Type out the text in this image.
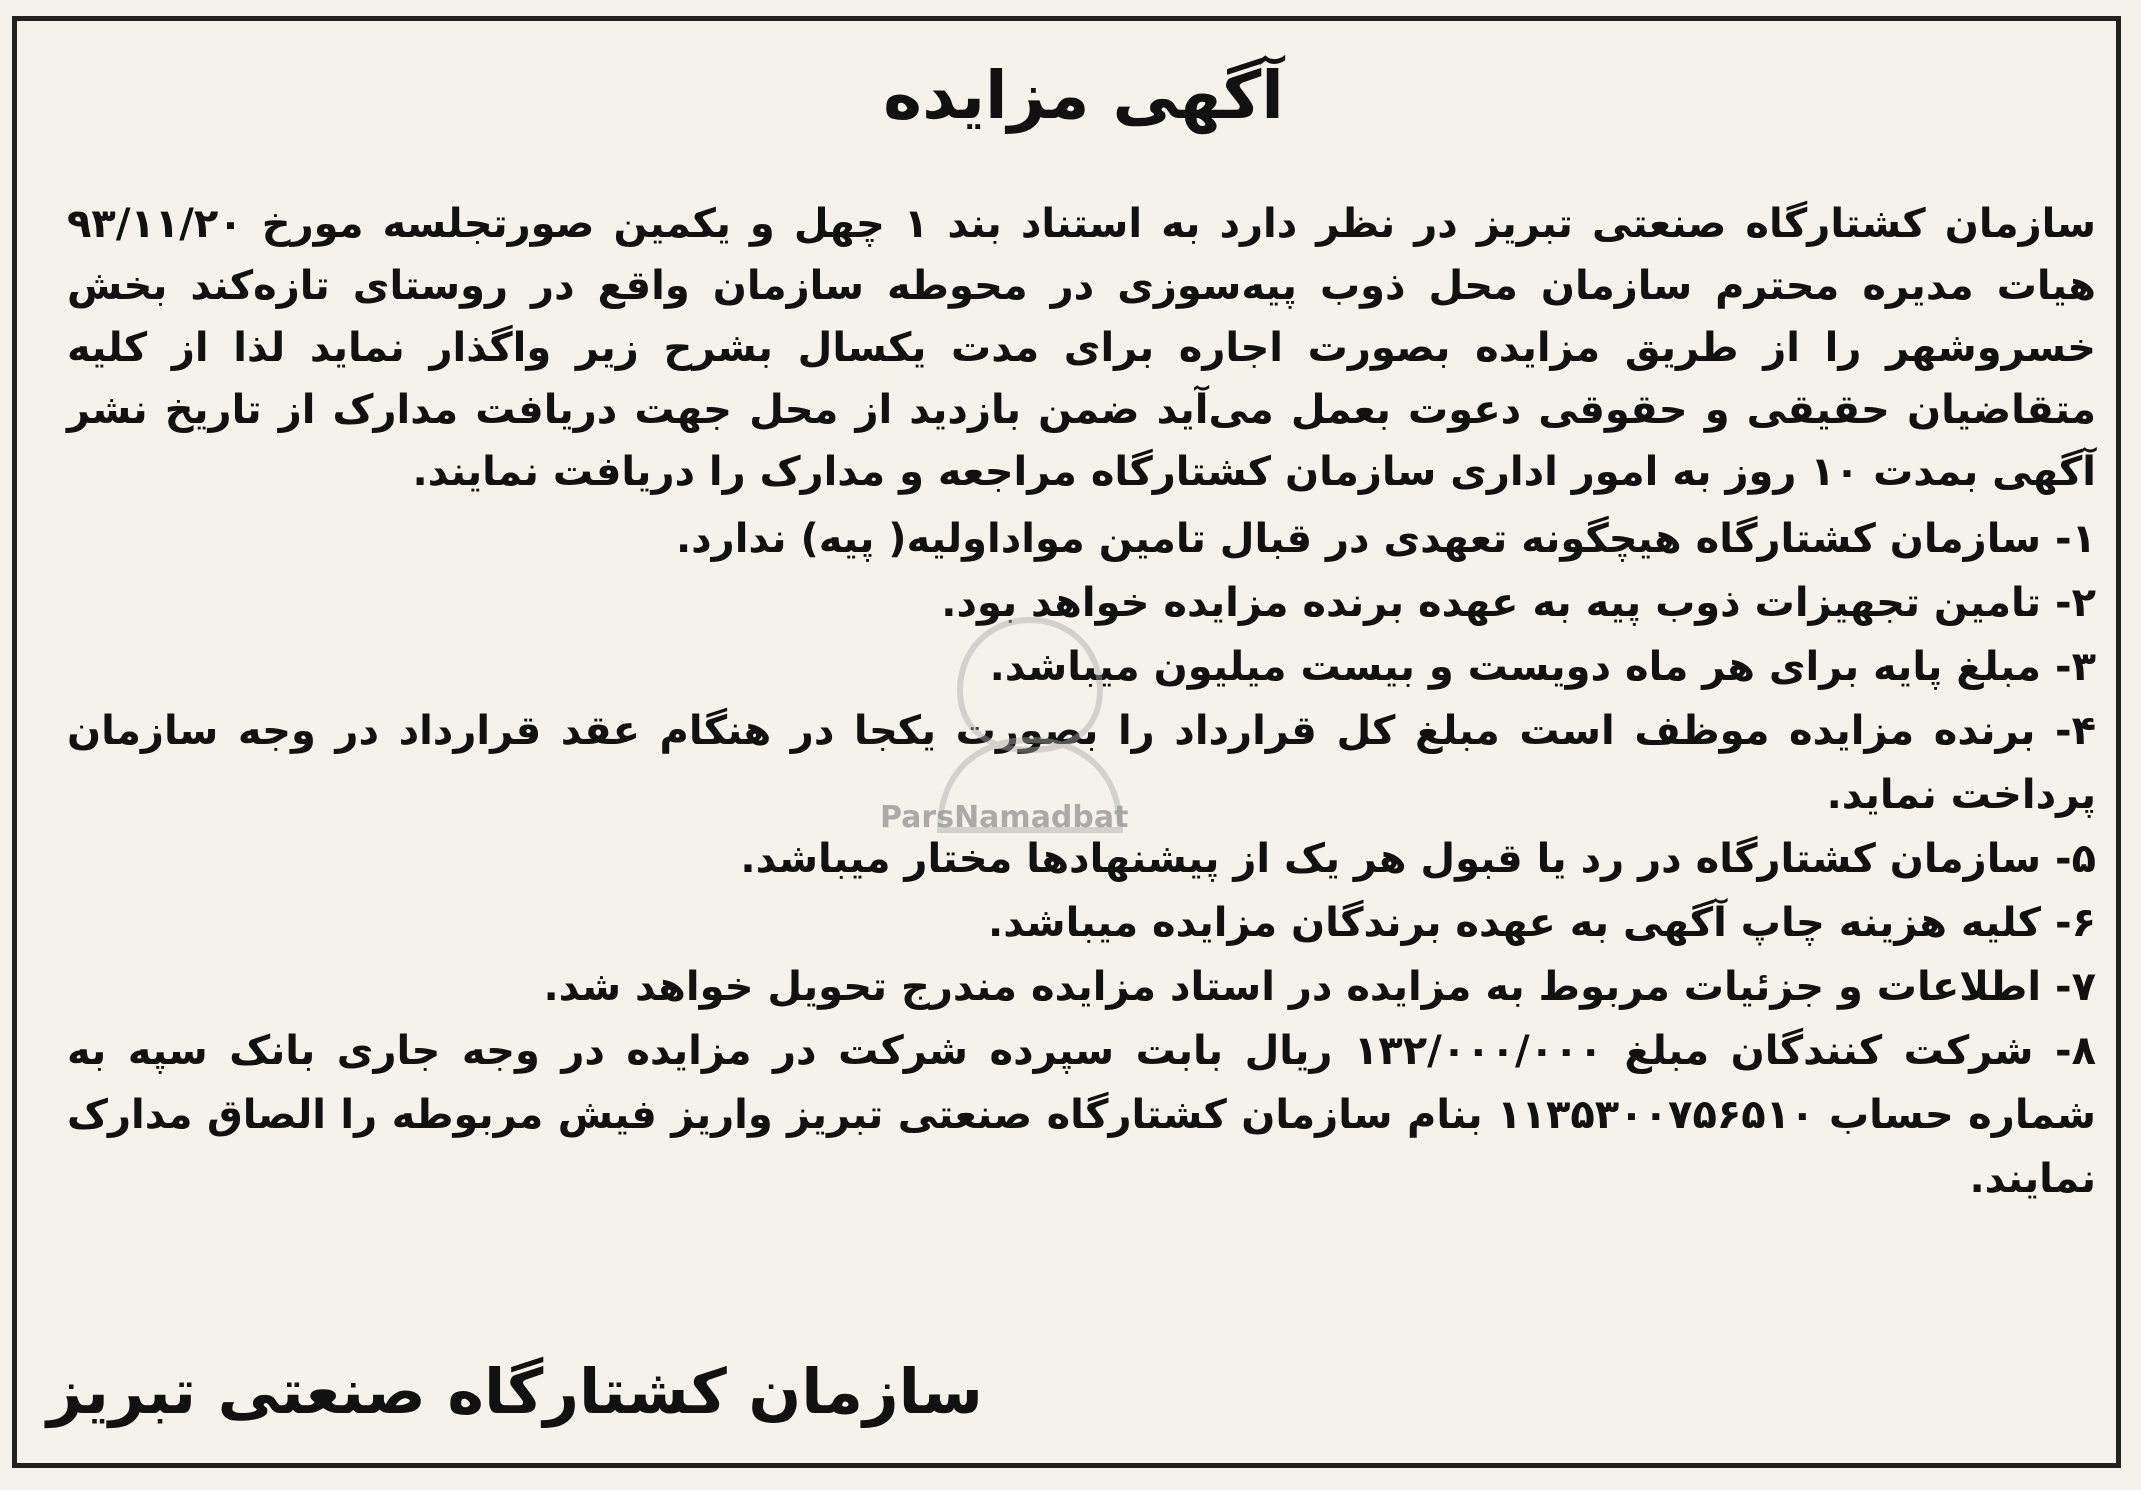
آگهی مزایده
سازمان کشتارگاه صنعتی تبریز در نظر دارد به استناد بند ۱ چهل و یکمین صورتجلسه مورخ ۹۳/۱۱/۲۰ هیات مدیره محترم سازمان محل ذوب پیه‌سوزی در محوطه سازمان واقع در روستای تازه‌کند بخش خسروشهر را از طریق مزایده بصورت اجاره برای مدت یکسال بشرح زیر واگذار نماید لذا از کلیه متقاضیان حقیقی و حقوقی دعوت بعمل می‌آید ضمن بازدید از محل جهت دریافت مدارک از تاریخ نشر آگهی بمدت ۱۰ روز به امور اداری سازمان کشتارگاه مراجعه و مدارک را دریافت نمایند.
۱- سازمان کشتارگاه هیچگونه تعهدی در قبال تامین مواداولیه( پیه) ندارد.
۲- تامین تجهیزات ذوب پیه به عهده برنده مزایده خواهد بود.
۳- مبلغ پایه برای هر ماه دویست و بیست میلیون میباشد.
۴- برنده مزایده موظف است مبلغ کل قرارداد را بصورت یکجا در هنگام عقد قرارداد در وجه سازمان پرداخت نماید.
۵- سازمان کشتارگاه در رد یا قبول هر یک از پیشنهادها مختار میباشد.
۶- کلیه هزینه چاپ آگهی به عهده برندگان مزایده میباشد.
۷- اطلاعات و جزئیات مربوط به مزایده در استاد مزایده مندرج تحویل خواهد شد.
۸- شرکت کنندگان مبلغ ۱۳۲/۰۰۰/۰۰۰ ریال بابت سپرده شرکت در مزایده در وجه جاری بانک سپه به شماره حساب ۱۱۳۵۳۰۰۷۵۶۵۱۰ بنام سازمان کشتارگاه صنعتی تبریز واریز فیش مربوطه را الصاق مدارک نمایند.
سازمان کشتارگاه صنعتی تبریز
ParsNamadbat
